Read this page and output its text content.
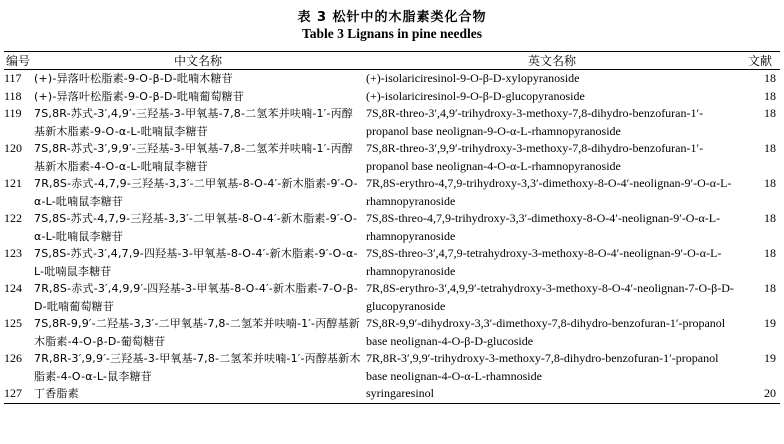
表 3 松针中的木脂素类化合物
Table 3 Lignans in pine needles
编号	中文名称	英文名称	文献
117	(+)-异落叶松脂素-9-O-β-D-吡喃木糖苷	(+)-isolariciresinol-9-O-β-D-xylopyranoside	18
118	(+)-异落叶松脂素-9-O-β-D-吡喃葡萄糖苷	(+)-isolariciresinol-9-O-β-D-glucopyranoside	18
119	7S,8R-苏式-3′,4,9′-三羟基-3-甲氧基-7,8-二氢苯并呋喃-1′-丙醇基新木脂素-9-O-α-L-吡喃鼠李糖苷	7S,8R-threo-3′,4,9′-trihydroxy-3-methoxy-7,8-dihydro-benzofuran-1′-propanol base neolignan-9-O-α-L-rhamnopyranoside	18
120	7S,8R-苏式-3′,9,9′-三羟基-3-甲氧基-7,8-二氢苯并呋喃-1′-丙醇基新木脂素-4-O-α-L-吡喃鼠李糖苷	7S,8R-threo-3′,9,9′-trihydroxy-3-methoxy-7,8-dihydro-benzofuran-1′-propanol base neolignan-4-O-α-L-rhamnopyranoside	18
121	7R,8S-赤式-4,7,9-三羟基-3,3′-二甲氧基-8-O-4′-新木脂素-9′-O-α-L-吡喃鼠李糖苷	7R,8S-erythro-4,7,9-trihydroxy-3,3′-dimethoxy-8-O-4′-neolignan-9′-O-α-L-rhamnopyranoside	18
122	7S,8S-苏式-4,7,9-三羟基-3,3′-二甲氧基-8-O-4′-新木脂素-9′-O-α-L-吡喃鼠李糖苷	7S,8S-threo-4,7,9-trihydroxy-3,3′-dimethoxy-8-O-4′-neolignan-9′-O-α-L-rhamnopyranoside	18
123	7S,8S-苏式-3′,4,7,9-四羟基-3-甲氧基-8-O-4′-新木脂素-9′-O-α-L-吡喃鼠李糖苷	7S,8S-threo-3′,4,7,9-tetrahydroxy-3-methoxy-8-O-4′-neolignan-9′-O-α-L-rhamnopyranoside	18
124	7R,8S-赤式-3′,4,9,9′-四羟基-3-甲氧基-8-O-4′-新木脂素-7-O-β-D-吡喃葡萄糖苷	7R,8S-erythro-3′,4,9,9′-tetrahydroxy-3-methoxy-8-O-4′-neolignan-7-O-β-D-glucopyranoside	18
125	7S,8R-9,9′-二羟基-3,3′-二甲氧基-7,8-二氢苯并呋喃-1′-丙醇基新木脂素-4-O-β-D-葡萄糖苷	7S,8R-9,9′-dihydroxy-3,3′-dimethoxy-7,8-dihydro-benzofuran-1′-propanol base neolignan-4-O-β-D-glucoside	19
126	7R,8R-3′,9,9′-三羟基-3-甲氧基-7,8-二氢苯并呋喃-1′-丙醇基新木脂素-4-O-α-L-鼠李糖苷	7R,8R-3′,9,9′-trihydroxy-3-methoxy-7,8-dihydro-benzofuran-1′-propanol base neolignan-4-O-α-L-rhamnoside	19
127	丁香脂素	syringaresinol	20
